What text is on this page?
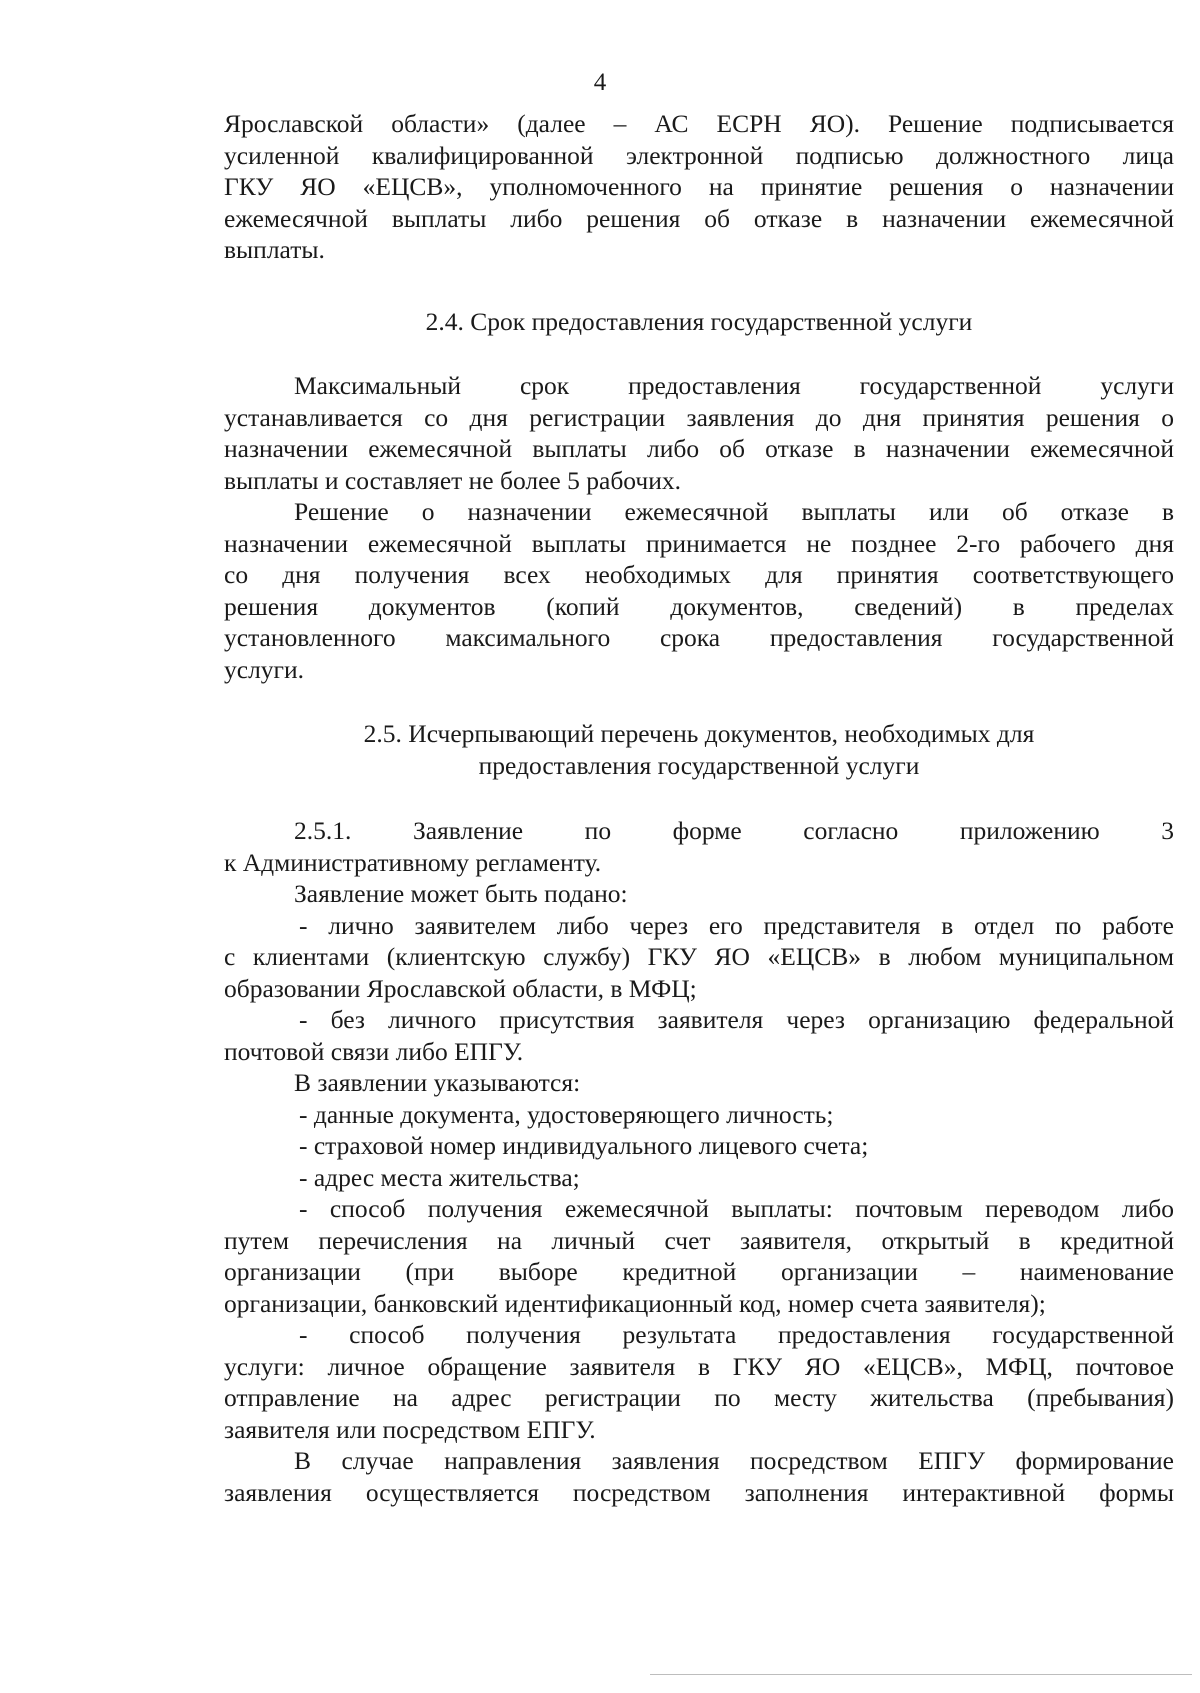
4
Ярославской области» (далее – АС ЕСРН ЯО). Решение подписывается
усиленной квалифицированной электронной подписью должностного лица
ГКУ ЯО «ЕЦСВ», уполномоченного на принятие решения о назначении
ежемесячной выплаты либо решения об отказе в назначении ежемесячной
выплаты.
2.4. Срок предоставления государственной услуги
Максимальный срок предоставления государственной услуги
устанавливается со дня регистрации заявления до дня принятия решения о
назначении ежемесячной выплаты либо об отказе в назначении ежемесячной
выплаты и составляет не более 5 рабочих.
Решение о назначении ежемесячной выплаты или об отказе в
назначении ежемесячной выплаты принимается не позднее 2-го рабочего дня
со дня получения всех необходимых для принятия соответствующего
решения документов (копий документов, сведений) в пределах
установленного максимального срока предоставления государственной
услуги.
2.5. Исчерпывающий перечень документов, необходимых для
предоставления государственной услуги
2.5.1. Заявление по форме согласно приложению 3
к Административному регламенту.
Заявление может быть подано:
- лично заявителем либо через его представителя в отдел по работе
с клиентами (клиентскую службу) ГКУ ЯО «ЕЦСВ» в любом муниципальном
образовании Ярославской области, в МФЦ;
- без личного присутствия заявителя через организацию федеральной
почтовой связи либо ЕПГУ.
В заявлении указываются:
- данные документа, удостоверяющего личность;
- страховой номер индивидуального лицевого счета;
- адрес места жительства;
- способ получения ежемесячной выплаты: почтовым переводом либо
путем перечисления на личный счет заявителя, открытый в кредитной
организации (при выборе кредитной организации – наименование
организации, банковский идентификационный код, номер счета заявителя);
- способ получения результата предоставления государственной
услуги: личное обращение заявителя в ГКУ ЯО «ЕЦСВ», МФЦ, почтовое
отправление на адрес регистрации по месту жительства (пребывания)
заявителя или посредством ЕПГУ.
В случае направления заявления посредством ЕПГУ формирование
заявления осуществляется посредством заполнения интерактивной формы
